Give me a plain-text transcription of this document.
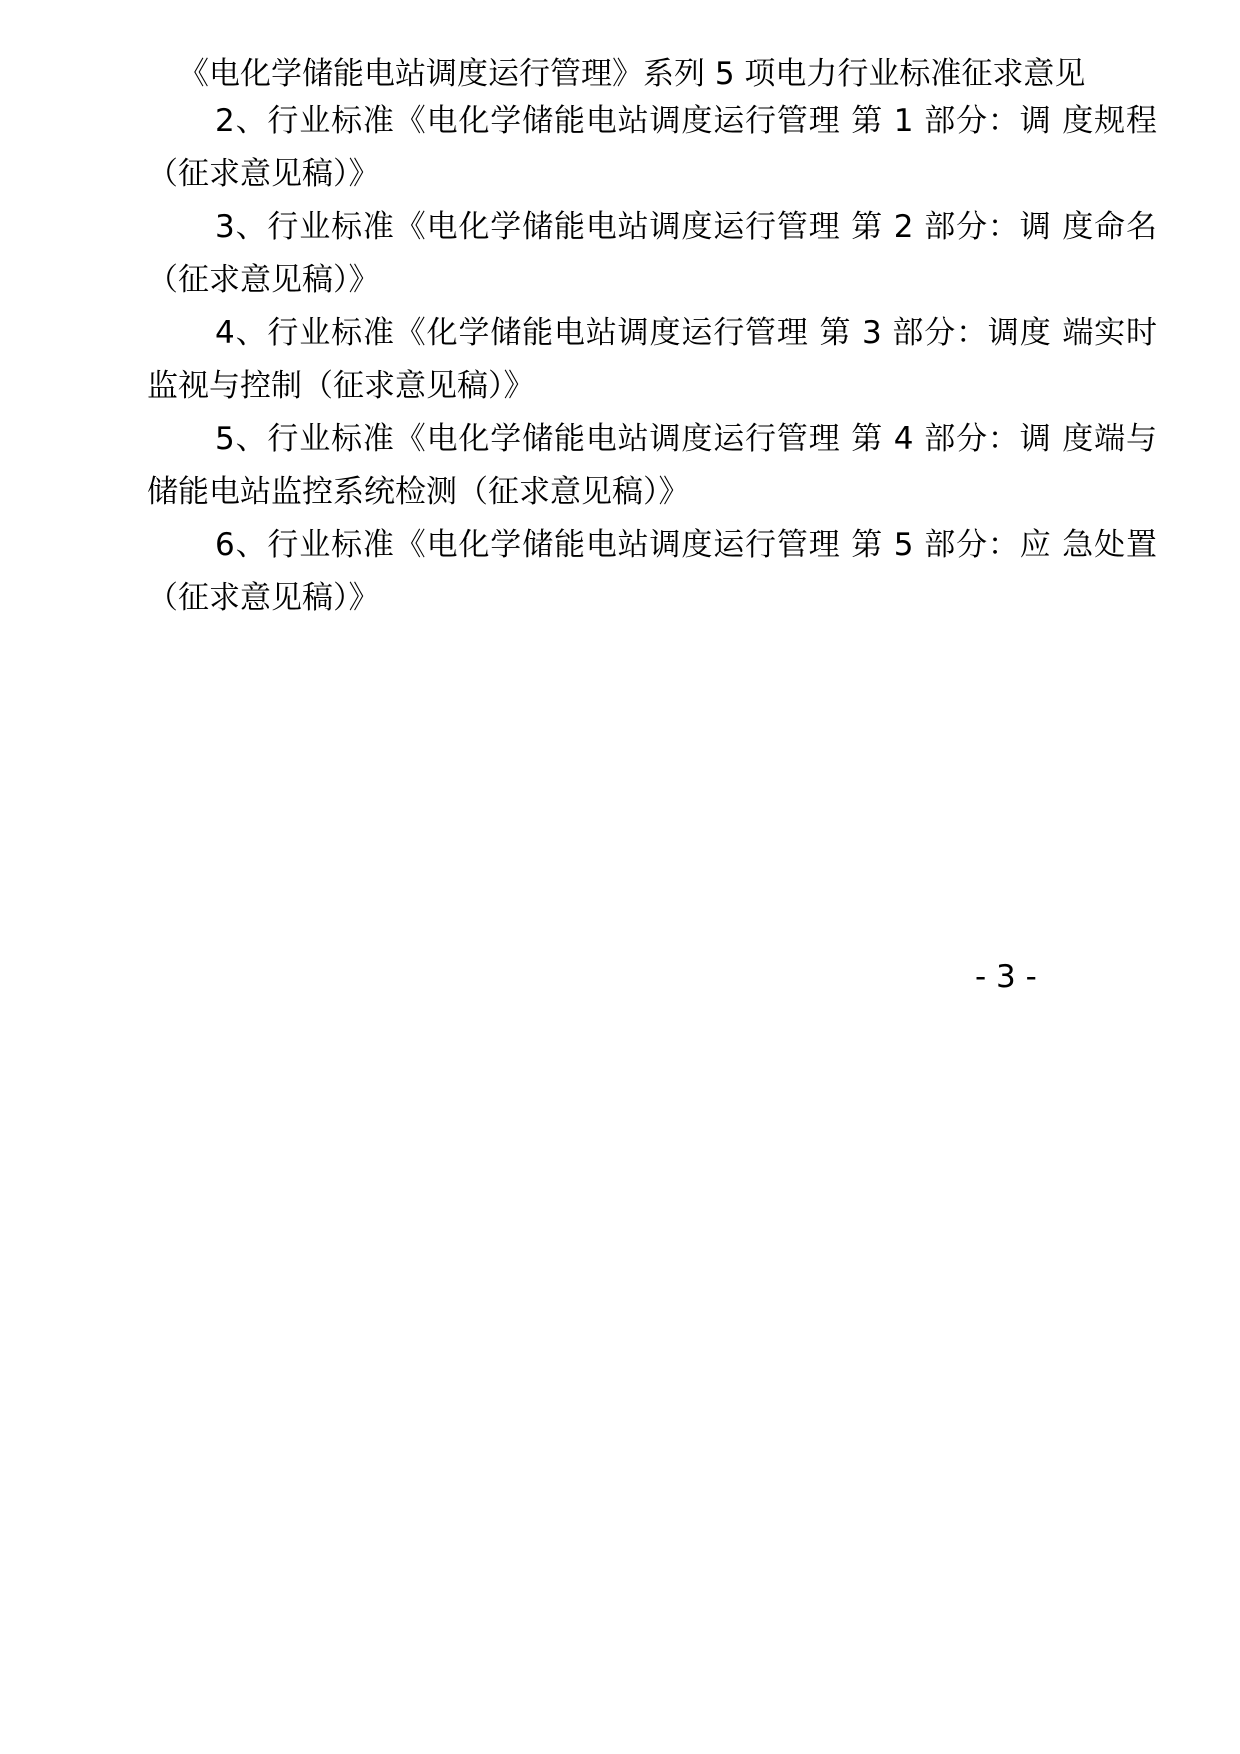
《电化学储能电站调度运行管理》系列 5 项电力行业标准征求意见
2、行业标准《电化学储能电站调度运行管理 第 1 部分：调 度规程（征求意见稿）》
3、行业标准《电化学储能电站调度运行管理 第 2 部分：调 度命名（征求意见稿）》
4、行业标准《化学储能电站调度运行管理 第 3 部分：调度 端实时监视与控制（征求意见稿）》
5、行业标准《电化学储能电站调度运行管理 第 4 部分：调 度端与储能电站监控系统检测（征求意见稿）》
6、行业标准《电化学储能电站调度运行管理 第 5 部分：应 急处置（征求意见稿）》
- 3 -
